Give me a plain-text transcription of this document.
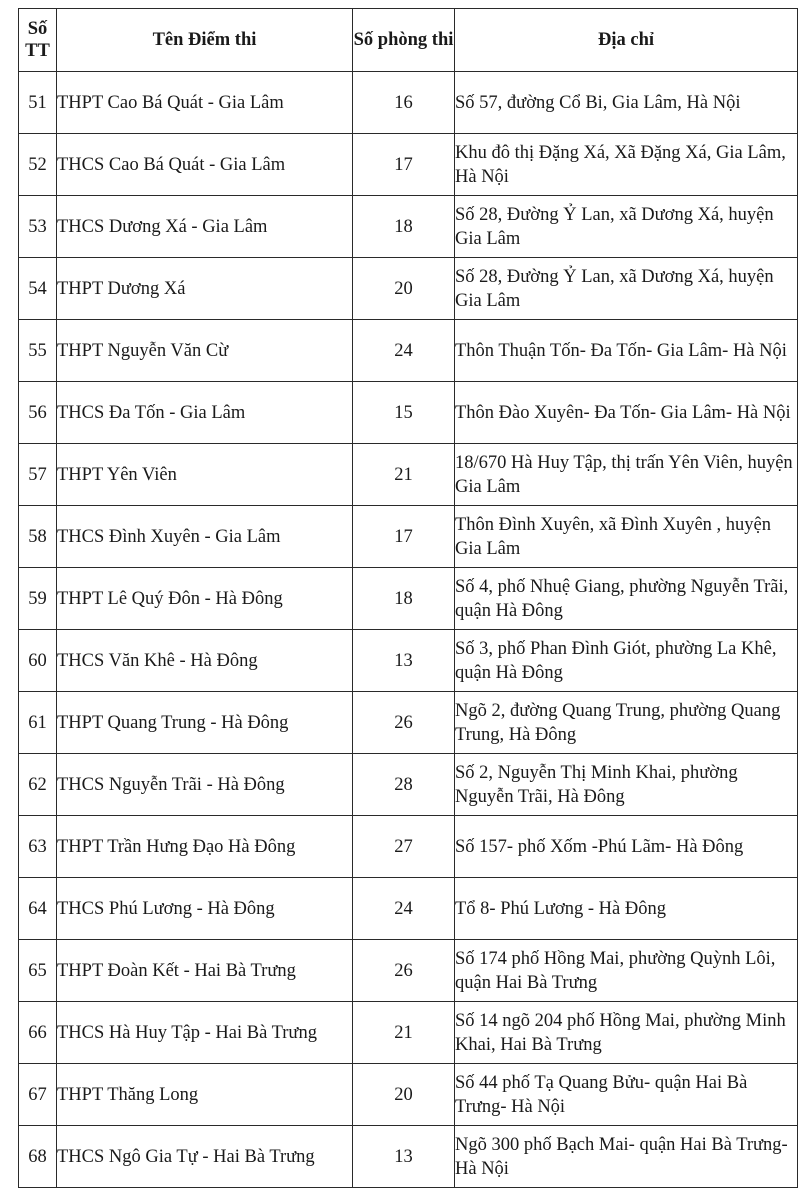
Số TT	Tên Điểm thi	Số phòng thi	Địa chỉ
51	THPT Cao Bá Quát - Gia Lâm	16	Số 57, đường Cổ Bi, Gia Lâm, Hà Nội
52	THCS Cao Bá Quát - Gia Lâm	17	Khu đô thị Đặng Xá, Xã Đặng Xá, Gia Lâm, Hà Nội
53	THCS Dương Xá - Gia Lâm	18	Số 28, Đường Ỷ Lan, xã Dương Xá, huyện Gia Lâm
54	THPT Dương Xá	20	Số 28, Đường Ỷ Lan, xã Dương Xá, huyện Gia Lâm
55	THPT Nguyễn Văn Cừ	24	Thôn Thuận Tốn- Đa Tốn- Gia Lâm- Hà Nội
56	THCS Đa Tốn - Gia Lâm	15	Thôn Đào Xuyên- Đa Tốn- Gia Lâm- Hà Nội
57	THPT Yên Viên	21	18/670 Hà Huy Tập, thị trấn Yên Viên, huyện Gia Lâm
58	THCS Đình Xuyên - Gia Lâm	17	Thôn Đình Xuyên, xã Đình Xuyên , huyện Gia Lâm
59	THPT Lê Quý Đôn - Hà Đông	18	Số 4, phố Nhuệ Giang, phường Nguyễn Trãi, quận Hà Đông
60	THCS Văn Khê - Hà Đông	13	Số 3, phố Phan Đình Giót, phường La Khê, quận Hà Đông
61	THPT Quang Trung - Hà Đông	26	Ngõ 2, đường Quang Trung, phường Quang Trung, Hà Đông
62	THCS Nguyễn Trãi - Hà Đông	28	Số 2, Nguyễn Thị Minh Khai, phường Nguyễn Trãi, Hà Đông
63	THPT Trần Hưng Đạo Hà Đông	27	Số 157- phố Xốm -Phú Lãm- Hà Đông
64	THCS Phú Lương - Hà Đông	24	Tổ 8- Phú Lương - Hà Đông
65	THPT Đoàn Kết - Hai Bà Trưng	26	Số 174 phố Hồng Mai, phường Quỳnh Lôi, quận Hai Bà Trưng
66	THCS Hà Huy Tập - Hai Bà Trưng	21	Số 14 ngõ 204 phố Hồng Mai, phường Minh Khai, Hai Bà Trưng
67	THPT Thăng Long	20	Số 44 phố Tạ Quang Bửu- quận Hai Bà Trưng- Hà Nội
68	THCS Ngô Gia Tự - Hai Bà Trưng	13	Ngõ 300 phố Bạch Mai- quận Hai Bà Trưng- Hà Nội
